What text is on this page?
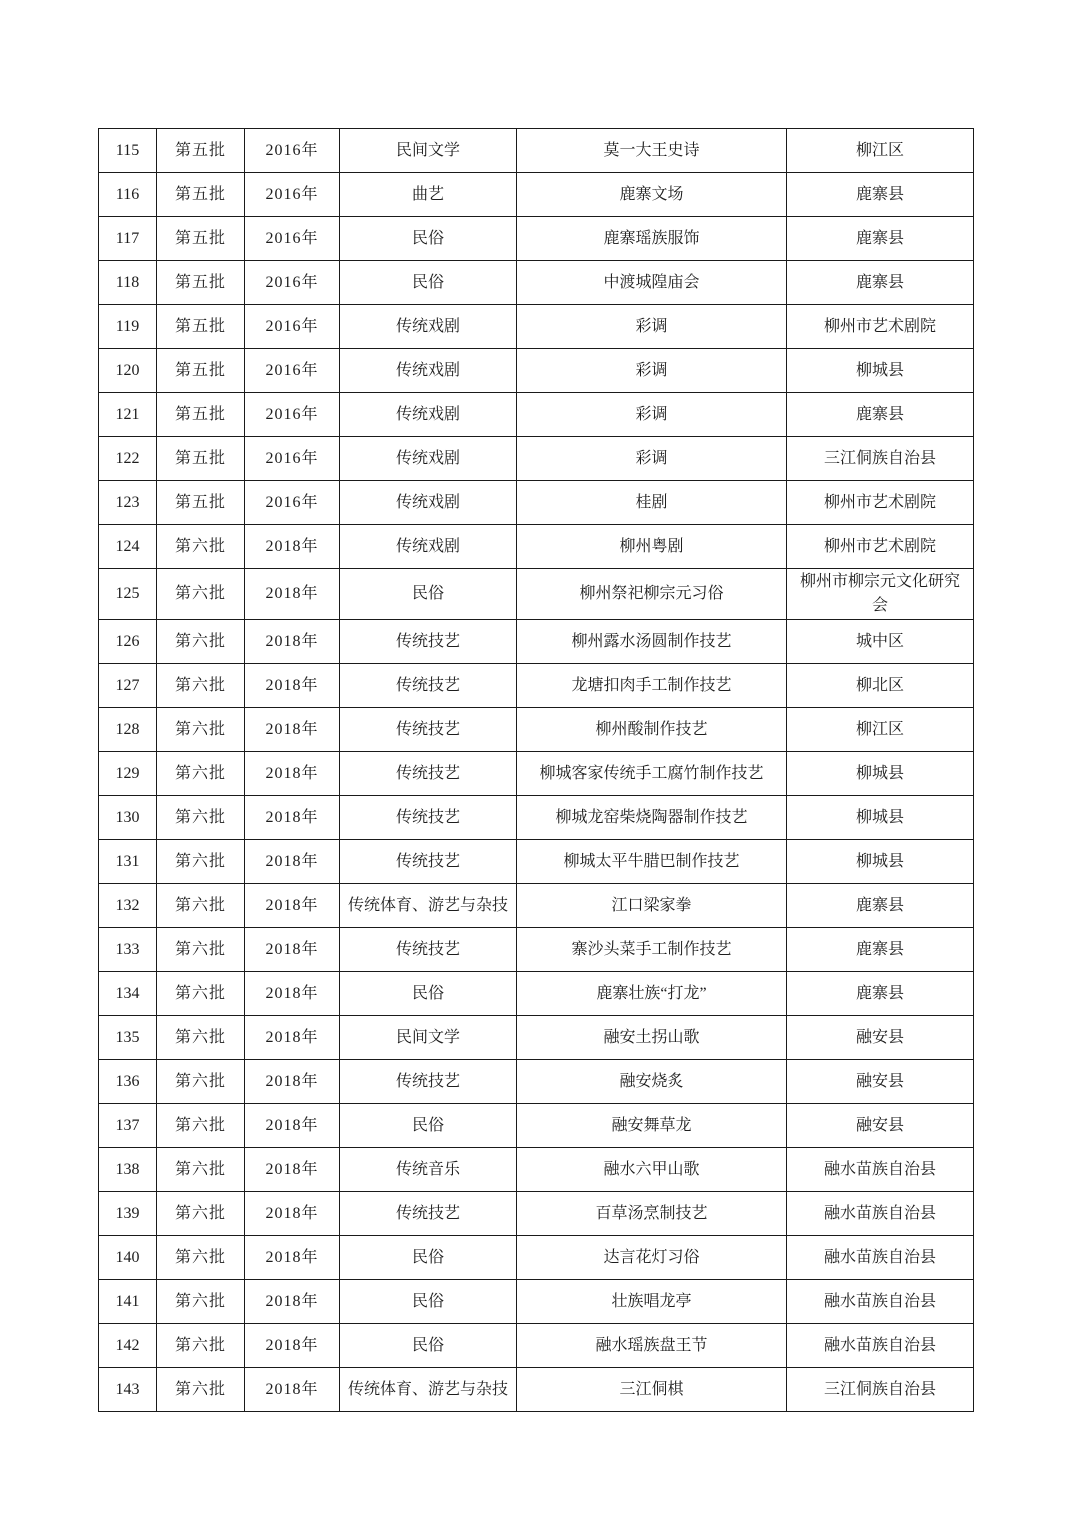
115	第五批	2016年	民间文学	莫一大王史诗	柳江区
116	第五批	2016年	曲艺	鹿寨文场	鹿寨县
117	第五批	2016年	民俗	鹿寨瑶族服饰	鹿寨县
118	第五批	2016年	民俗	中渡城隍庙会	鹿寨县
119	第五批	2016年	传统戏剧	彩调	柳州市艺术剧院
120	第五批	2016年	传统戏剧	彩调	柳城县
121	第五批	2016年	传统戏剧	彩调	鹿寨县
122	第五批	2016年	传统戏剧	彩调	三江侗族自治县
123	第五批	2016年	传统戏剧	桂剧	柳州市艺术剧院
124	第六批	2018年	传统戏剧	柳州粤剧	柳州市艺术剧院
125	第六批	2018年	民俗	柳州祭祀柳宗元习俗	柳州市柳宗元文化研究会
126	第六批	2018年	传统技艺	柳州露水汤圆制作技艺	城中区
127	第六批	2018年	传统技艺	龙塘扣肉手工制作技艺	柳北区
128	第六批	2018年	传统技艺	柳州酸制作技艺	柳江区
129	第六批	2018年	传统技艺	柳城客家传统手工腐竹制作技艺	柳城县
130	第六批	2018年	传统技艺	柳城龙窑柴烧陶器制作技艺	柳城县
131	第六批	2018年	传统技艺	柳城太平牛腊巴制作技艺	柳城县
132	第六批	2018年	传统体育、游艺与杂技	江口梁家拳	鹿寨县
133	第六批	2018年	传统技艺	寨沙头菜手工制作技艺	鹿寨县
134	第六批	2018年	民俗	鹿寨壮族“打龙”	鹿寨县
135	第六批	2018年	民间文学	融安土拐山歌	融安县
136	第六批	2018年	传统技艺	融安烧炙	融安县
137	第六批	2018年	民俗	融安舞草龙	融安县
138	第六批	2018年	传统音乐	融水六甲山歌	融水苗族自治县
139	第六批	2018年	传统技艺	百草汤烹制技艺	融水苗族自治县
140	第六批	2018年	民俗	达言花灯习俗	融水苗族自治县
141	第六批	2018年	民俗	壮族唱龙亭	融水苗族自治县
142	第六批	2018年	民俗	融水瑶族盘王节	融水苗族自治县
143	第六批	2018年	传统体育、游艺与杂技	三江侗棋	三江侗族自治县
